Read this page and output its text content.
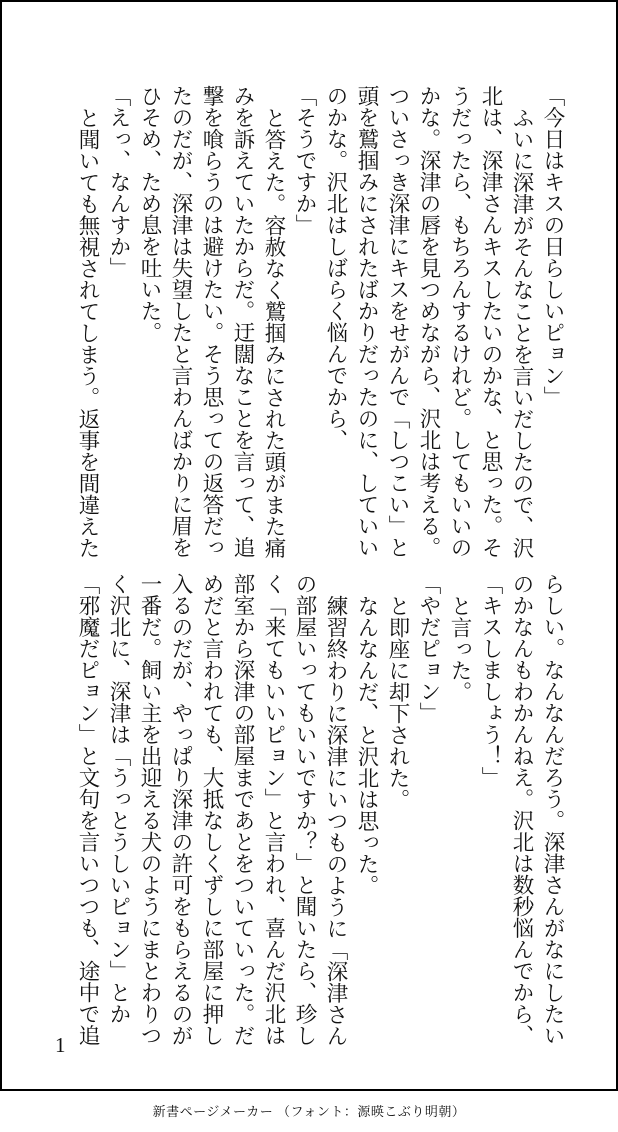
「今日はキスの日らしいピョン」

ふいに深津がそんなことを言いだしたので、沢北は、深津さんキスしたいのかな、と思った。そうだったら、もちろんするけれど。してもいいのかな。深津の唇を見つめながら、沢北は考える。ついさっき深津にキスをせがんで「しつこい」と頭を鷲掴みにされたばかりだったのに、していいのかな。沢北はしばらく悩んでから、

「そうですか」

と答えた。容赦なく鷲掴みにされた頭がまた痛みを訴えていたからだ。迂闊なことを言って、追撃を喰らうのは避けたい。そう思っての返答だったのだが、深津は失望したと言わんばかりに眉をひそめ、ため息を吐いた。

「えっ、なんすか」

と聞いても無視されてしまう。返事を間違えた

らしい。なんなんだろう。深津さんがなにしたいのかなんもわかんねえ。沢北は数秒悩んでから、

「キスしましょう！」

と言った。

「やだピョン」

と即座に却下された。

なんなんだ、と沢北は思った。

練習終わりに深津にいつものように「深津さんの部屋いってもいいですか？」と聞いたら、珍しく「来てもいいピョン」と言われ、喜んだ沢北は部室から深津の部屋まであとをついていった。だめだと言われても、大抵なしくずしに部屋に押し入るのだが、やっぱり深津の許可をもらえるのが一番だ。飼い主を出迎える犬のようにまとわりつく沢北に、深津は「うっとうしいピョン」とか「邪魔だピョン」と文句を言いつつも、途中で追

1
新書ページメーカー （フォント：源暎こぶり明朝）
